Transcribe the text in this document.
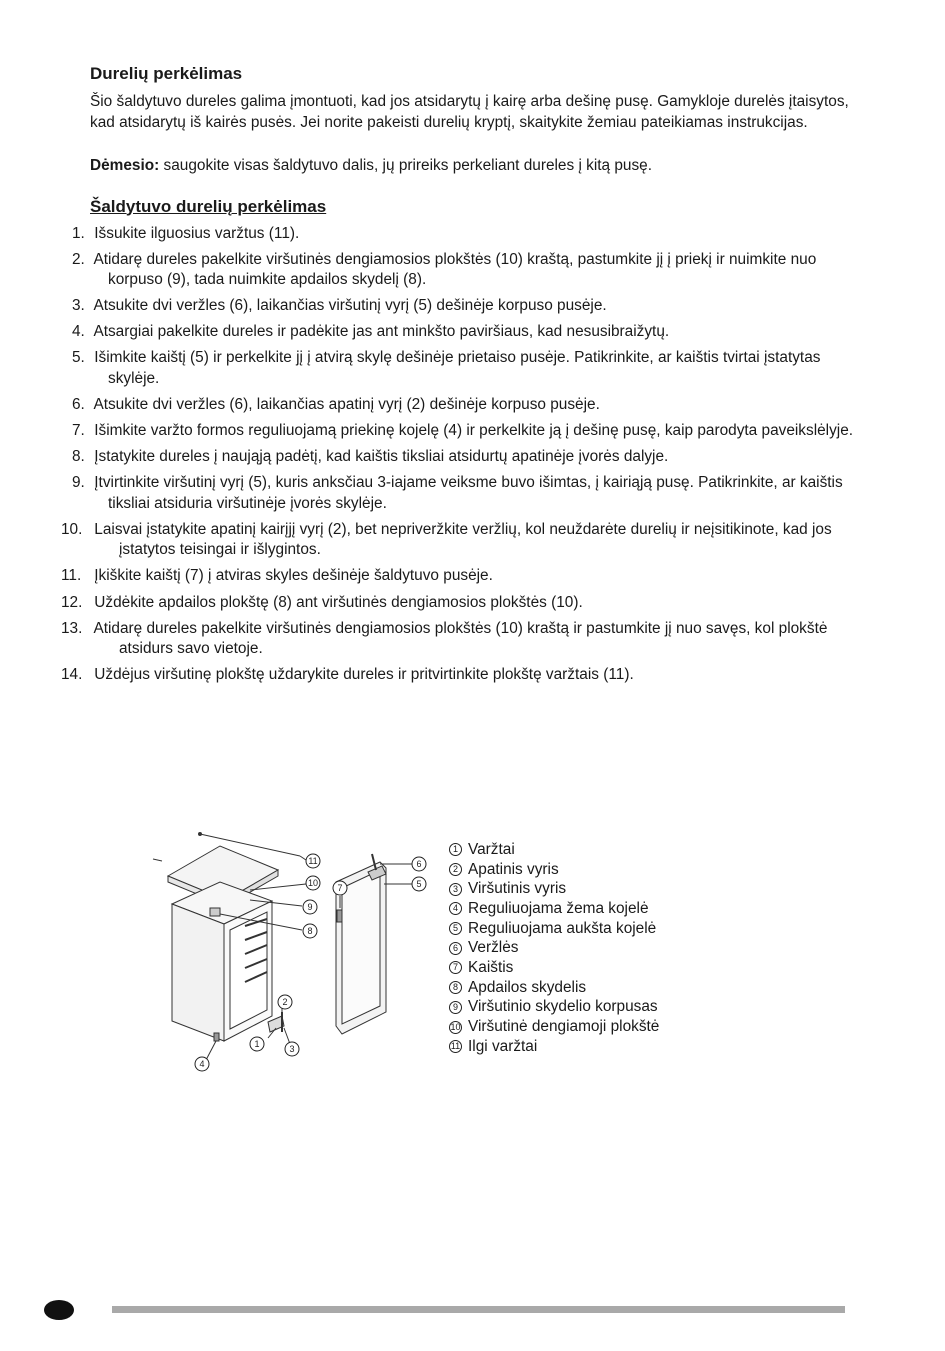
Durelių perkėlimas

Šio šaldytuvo dureles galima įmontuoti, kad jos atsidarytų į kairę arba dešinę pusę. Gamykloje durelės įtaisytos, kad atsidarytų iš kairės pusės. Jei norite pakeisti durelių kryptį, skaitykite žemiau pateikiamas instrukcijas.

Dėmesio: saugokite visas šaldytuvo dalis, jų prireiks perkeliant dureles į kitą pusę.

Šaldytuvo durelių perkėlimas
1. Išsukite ilguosius varžtus (11).
2. Atidarę dureles pakelkite viršutinės dengiamosios plokštės (10) kraštą, pastumkite jį į priekį ir nuimkite nuo korpuso (9), tada nuimkite apdailos skydelį (8).
3. Atsukite dvi veržles (6), laikančias viršutinį vyrį (5) dešinėje korpuso pusėje.
4. Atsargiai pakelkite dureles ir padėkite jas ant minkšto paviršiaus, kad nesusibraižytų.
5. Išimkite kaištį (5) ir perkelkite jį į atvirą skylę dešinėje prietaiso pusėje. Patikrinkite, ar kaištis tvirtai įstatytas skylėje.
6. Atsukite dvi veržles (6), laikančias apatinį vyrį (2) dešinėje korpuso pusėje.
7. Išimkite varžto formos reguliuojamą priekinę kojelę (4) ir perkelkite ją į dešinę pusę, kaip parodyta paveikslėlyje.
8. Įstatykite dureles į naująją padėtį, kad kaištis tiksliai atsidurtų apatinėje įvorės dalyje.
9. Įtvirtinkite viršutinį vyrį (5), kuris anksčiau 3-iajame veiksme buvo išimtas, į kairiąją pusę. Patikrinkite, ar kaištis tiksliai atsiduria viršutinėje įvorės skylėje.
10. Laisvai įstatykite apatinį kairįjį vyrį (2), bet nepriveržkite veržlių, kol neuždarėte durelių ir neįsitikinote, kad jos įstatytos teisingai ir išlygintos.
11. Įkiškite kaištį (7) į atviras skyles dešinėje šaldytuvo pusėje.
12. Uždėkite apdailos plokštę (8) ant viršutinės dengiamosios plokštės (10).
13. Atidarę dureles pakelkite viršutinės dengiamosios plokštės (10) kraštą ir pastumkite jį nuo savęs, kol plokštė atsidurs savo vietoje.
14. Uždėjus viršutinę plokštę uždarykite dureles ir pritvirtinkite plokštę varžtais (11).
11
10
9
8
7
6
5
2
1	3
4
1 Varžtai
2 Apatinis vyris
3 Viršutinis vyris
4 Reguliuojama žema kojelė
5 Reguliuojama aukšta kojelė
6 Veržlės
7 Kaištis
8 Apdailos skydelis
9 Viršutinio skydelio korpusas
10 Viršutinė dengiamoji plokštė
11 Ilgi varžtai
